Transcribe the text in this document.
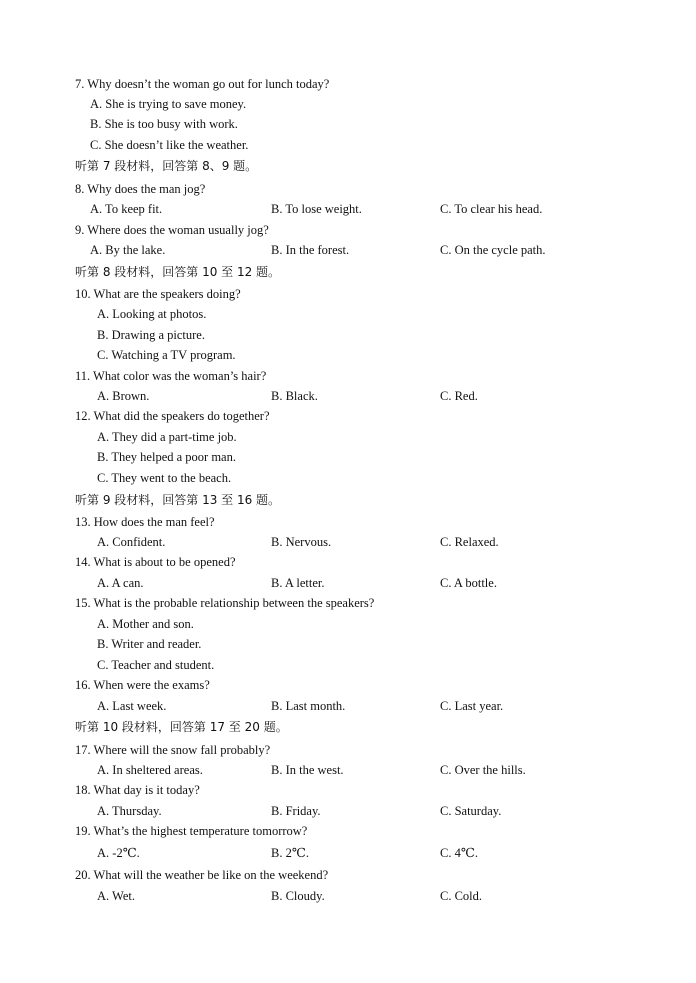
7. Why doesn’t the woman go out for lunch today?
A. She is trying to save money.
B. She is too busy with work.
C. She doesn’t like the weather.
听第 7 段材料，回答第 8、9 题。
8. Why does the man jog?
A. To keep fit.	B. To lose weight.	C. To clear his head.
9. Where does the woman usually jog?
A. By the lake.	B. In the forest.	C. On the cycle path.
听第 8 段材料，回答第 10 至 12 题。
10. What are the speakers doing?
A. Looking at photos.
B. Drawing a picture.
C. Watching a TV program.
11. What color was the woman’s hair?
A. Brown.	B. Black.	C. Red.
12. What did the speakers do together?
A. They did a part-time job.
B. They helped a poor man.
C. They went to the beach.
听第 9 段材料，回答第 13 至 16 题。
13. How does the man feel?
A. Confident.	B. Nervous.	C. Relaxed.
14. What is about to be opened?
A. A can.	B. A letter.	C. A bottle.
15. What is the probable relationship between the speakers?
A. Mother and son.
B. Writer and reader.
C. Teacher and student.
16. When were the exams?
A. Last week.	B. Last month.	C. Last year.
听第 10 段材料，回答第 17 至 20 题。
17. Where will the snow fall probably?
A. In sheltered areas.	B. In the west.	C. Over the hills.
18. What day is it today?
A. Thursday.	B. Friday.	C. Saturday.
19. What’s the highest temperature tomorrow?
A. -2℃.	B. 2℃.	C. 4℃.
20. What will the weather be like on the weekend?
A. Wet.	B. Cloudy.	C. Cold.
